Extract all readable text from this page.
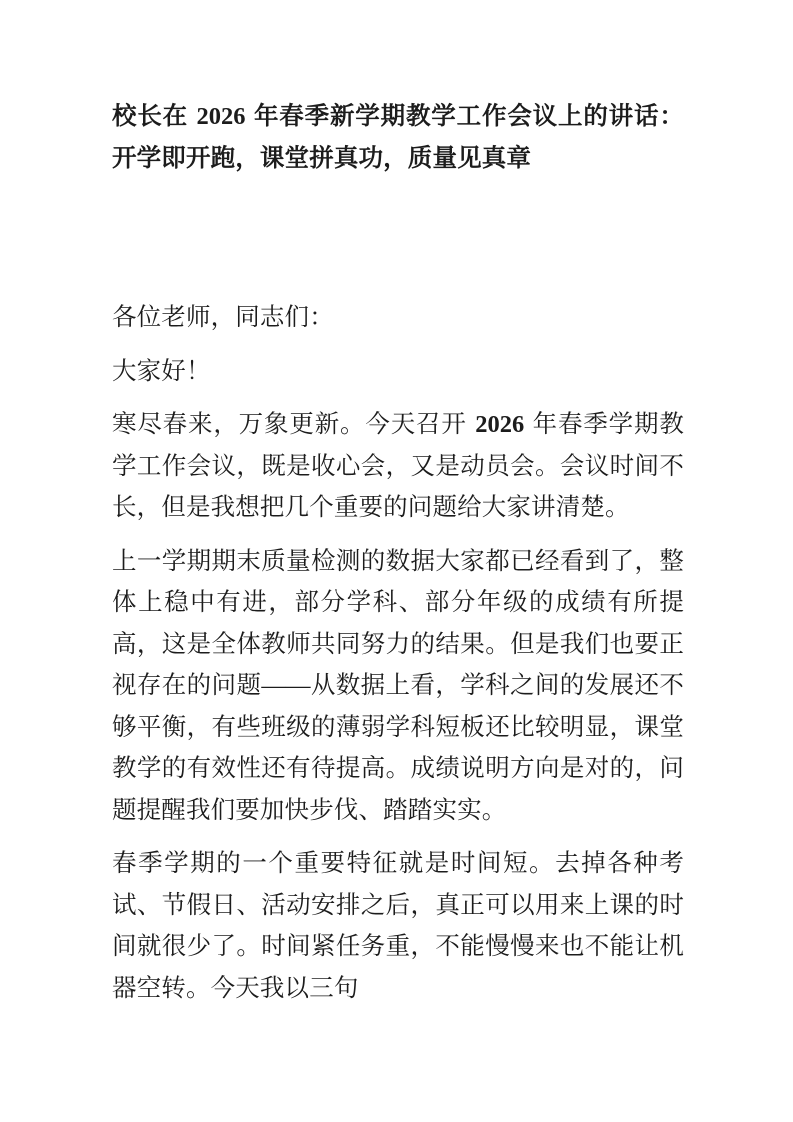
校长在 2026 年春季新学期教学工作会议上的讲话：开学即开跑，课堂拼真功，质量见真章

各位老师，同志们：

大家好！

寒尽春来，万象更新。今天召开 2026 年春季学期教学工作会议，既是收心会，又是动员会。会议时间不长，但是我想把几个重要的问题给大家讲清楚。

上一学期期末质量检测的数据大家都已经看到了，整体上稳中有进，部分学科、部分年级的成绩有所提高，这是全体教师共同努力的结果。但是我们也要正视存在的问题——从数据上看，学科之间的发展还不够平衡，有些班级的薄弱学科短板还比较明显，课堂教学的有效性还有待提高。成绩说明方向是对的，问题提醒我们要加快步伐、踏踏实实。

春季学期的一个重要特征就是时间短。去掉各种考试、节假日、活动安排之后，真正可以用来上课的时间就很少了。时间紧任务重，不能慢慢来也不能让机器空转。今天我以三句
